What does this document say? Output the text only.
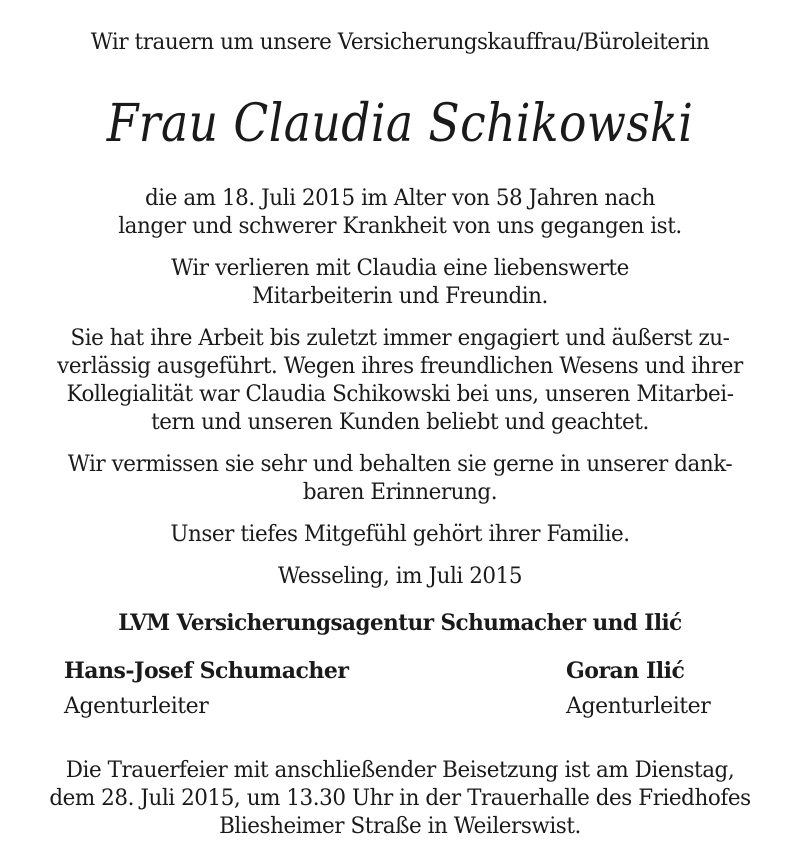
Wir trauern um unsere Versicherungskauffrau/Büroleiterin
Frau Claudia Schikowski
die am 18. Juli 2015 im Alter von 58 Jahren nach
langer und schwerer Krankheit von uns gegangen ist.
Wir verlieren mit Claudia eine liebenswerte
Mitarbeiterin und Freundin.
Sie hat ihre Arbeit bis zuletzt immer engagiert und äußerst zu-
verlässig ausgeführt. Wegen ihres freundlichen Wesens und ihrer
Kollegialität war Claudia Schikowski bei uns, unseren Mitarbei-
tern und unseren Kunden beliebt und geachtet.
Wir vermissen sie sehr und behalten sie gerne in unserer dank-
baren Erinnerung.
Unser tiefes Mitgefühl gehört ihrer Familie.
Wesseling, im Juli 2015
LVM Versicherungsagentur Schumacher und Ilić
Hans-Josef Schumacher
Agenturleiter
Goran Ilić
Agenturleiter
Die Trauerfeier mit anschließender Beisetzung ist am Dienstag,
dem 28. Juli 2015, um 13.30 Uhr in der Trauerhalle des Friedhofes
Bliesheimer Straße in Weilerswist.
